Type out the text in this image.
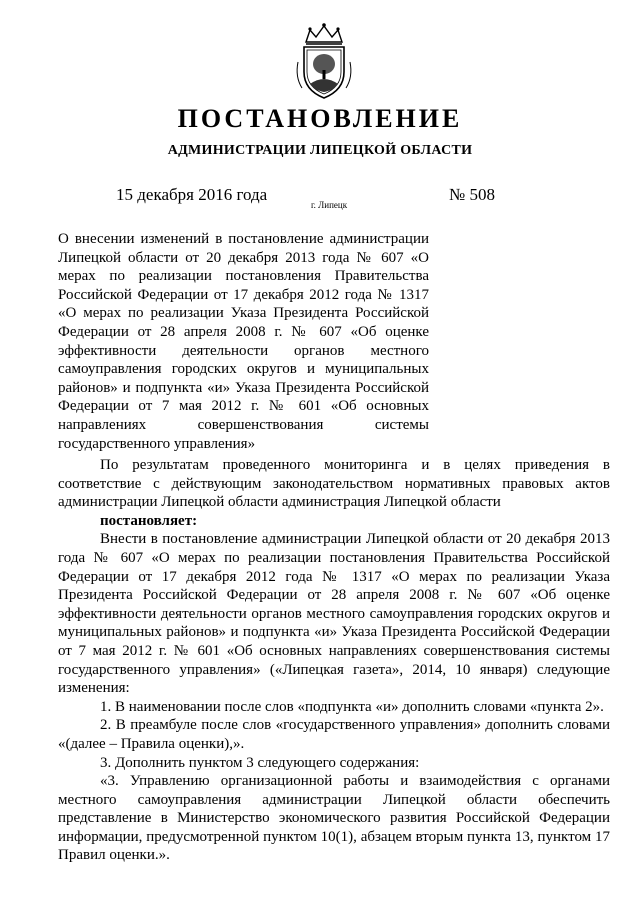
ПОСТАНОВЛЕНИЕ
АДМИНИСТРАЦИИ ЛИПЕЦКОЙ ОБЛАСТИ
15 декабря 2016 года
г. Липецк
№ 508
О внесении изменений в постановление администрации Липецкой области от 20 декабря 2013 года № 607 «О мерах по реализации постановления Правительства Российской Федерации от 17 декабря 2012 года № 1317 «О мерах по реализации Указа Президента Российской Федерации от 28 апреля 2008 г. № 607 «Об оценке эффективности деятельности органов местного самоуправления городских округов и муниципальных районов» и подпункта «и» Указа Президента Российской Федерации от 7 мая 2012 г. № 601 «Об основных направлениях совершенствования системы государственного управления»

По результатам проведенного мониторинга и в целях приведения в соответствие с действующим законодательством нормативных правовых актов администрации Липецкой области администрация Липецкой области

постановляет:

Внести в постановление администрации Липецкой области от 20 декабря 2013 года № 607 «О мерах по реализации постановления Правительства Российской Федерации от 17 декабря 2012 года № 1317 «О мерах по реализации Указа Президента Российской Федерации от 28 апреля 2008 г. № 607 «Об оценке эффективности деятельности органов местного самоуправления городских округов и муниципальных районов» и подпункта «и» Указа Президента Российской Федерации от 7 мая 2012 г. № 601 «Об основных направлениях совершенствования системы государственного управления» («Липецкая газета», 2014, 10 января) следующие изменения:

1. В наименовании после слов «подпункта «и» дополнить словами «пункта 2».

2. В преамбуле после слов «государственного управления» дополнить словами «(далее – Правила оценки),».

3. Дополнить пунктом 3 следующего содержания:

«3. Управлению организационной работы и взаимодействия с органами местного самоуправления администрации Липецкой области обеспечить представление в Министерство экономического развития Российской Федерации информации, предусмотренной пунктом 10(1), абзацем вторым пункта 13, пунктом 17 Правил оценки.».
